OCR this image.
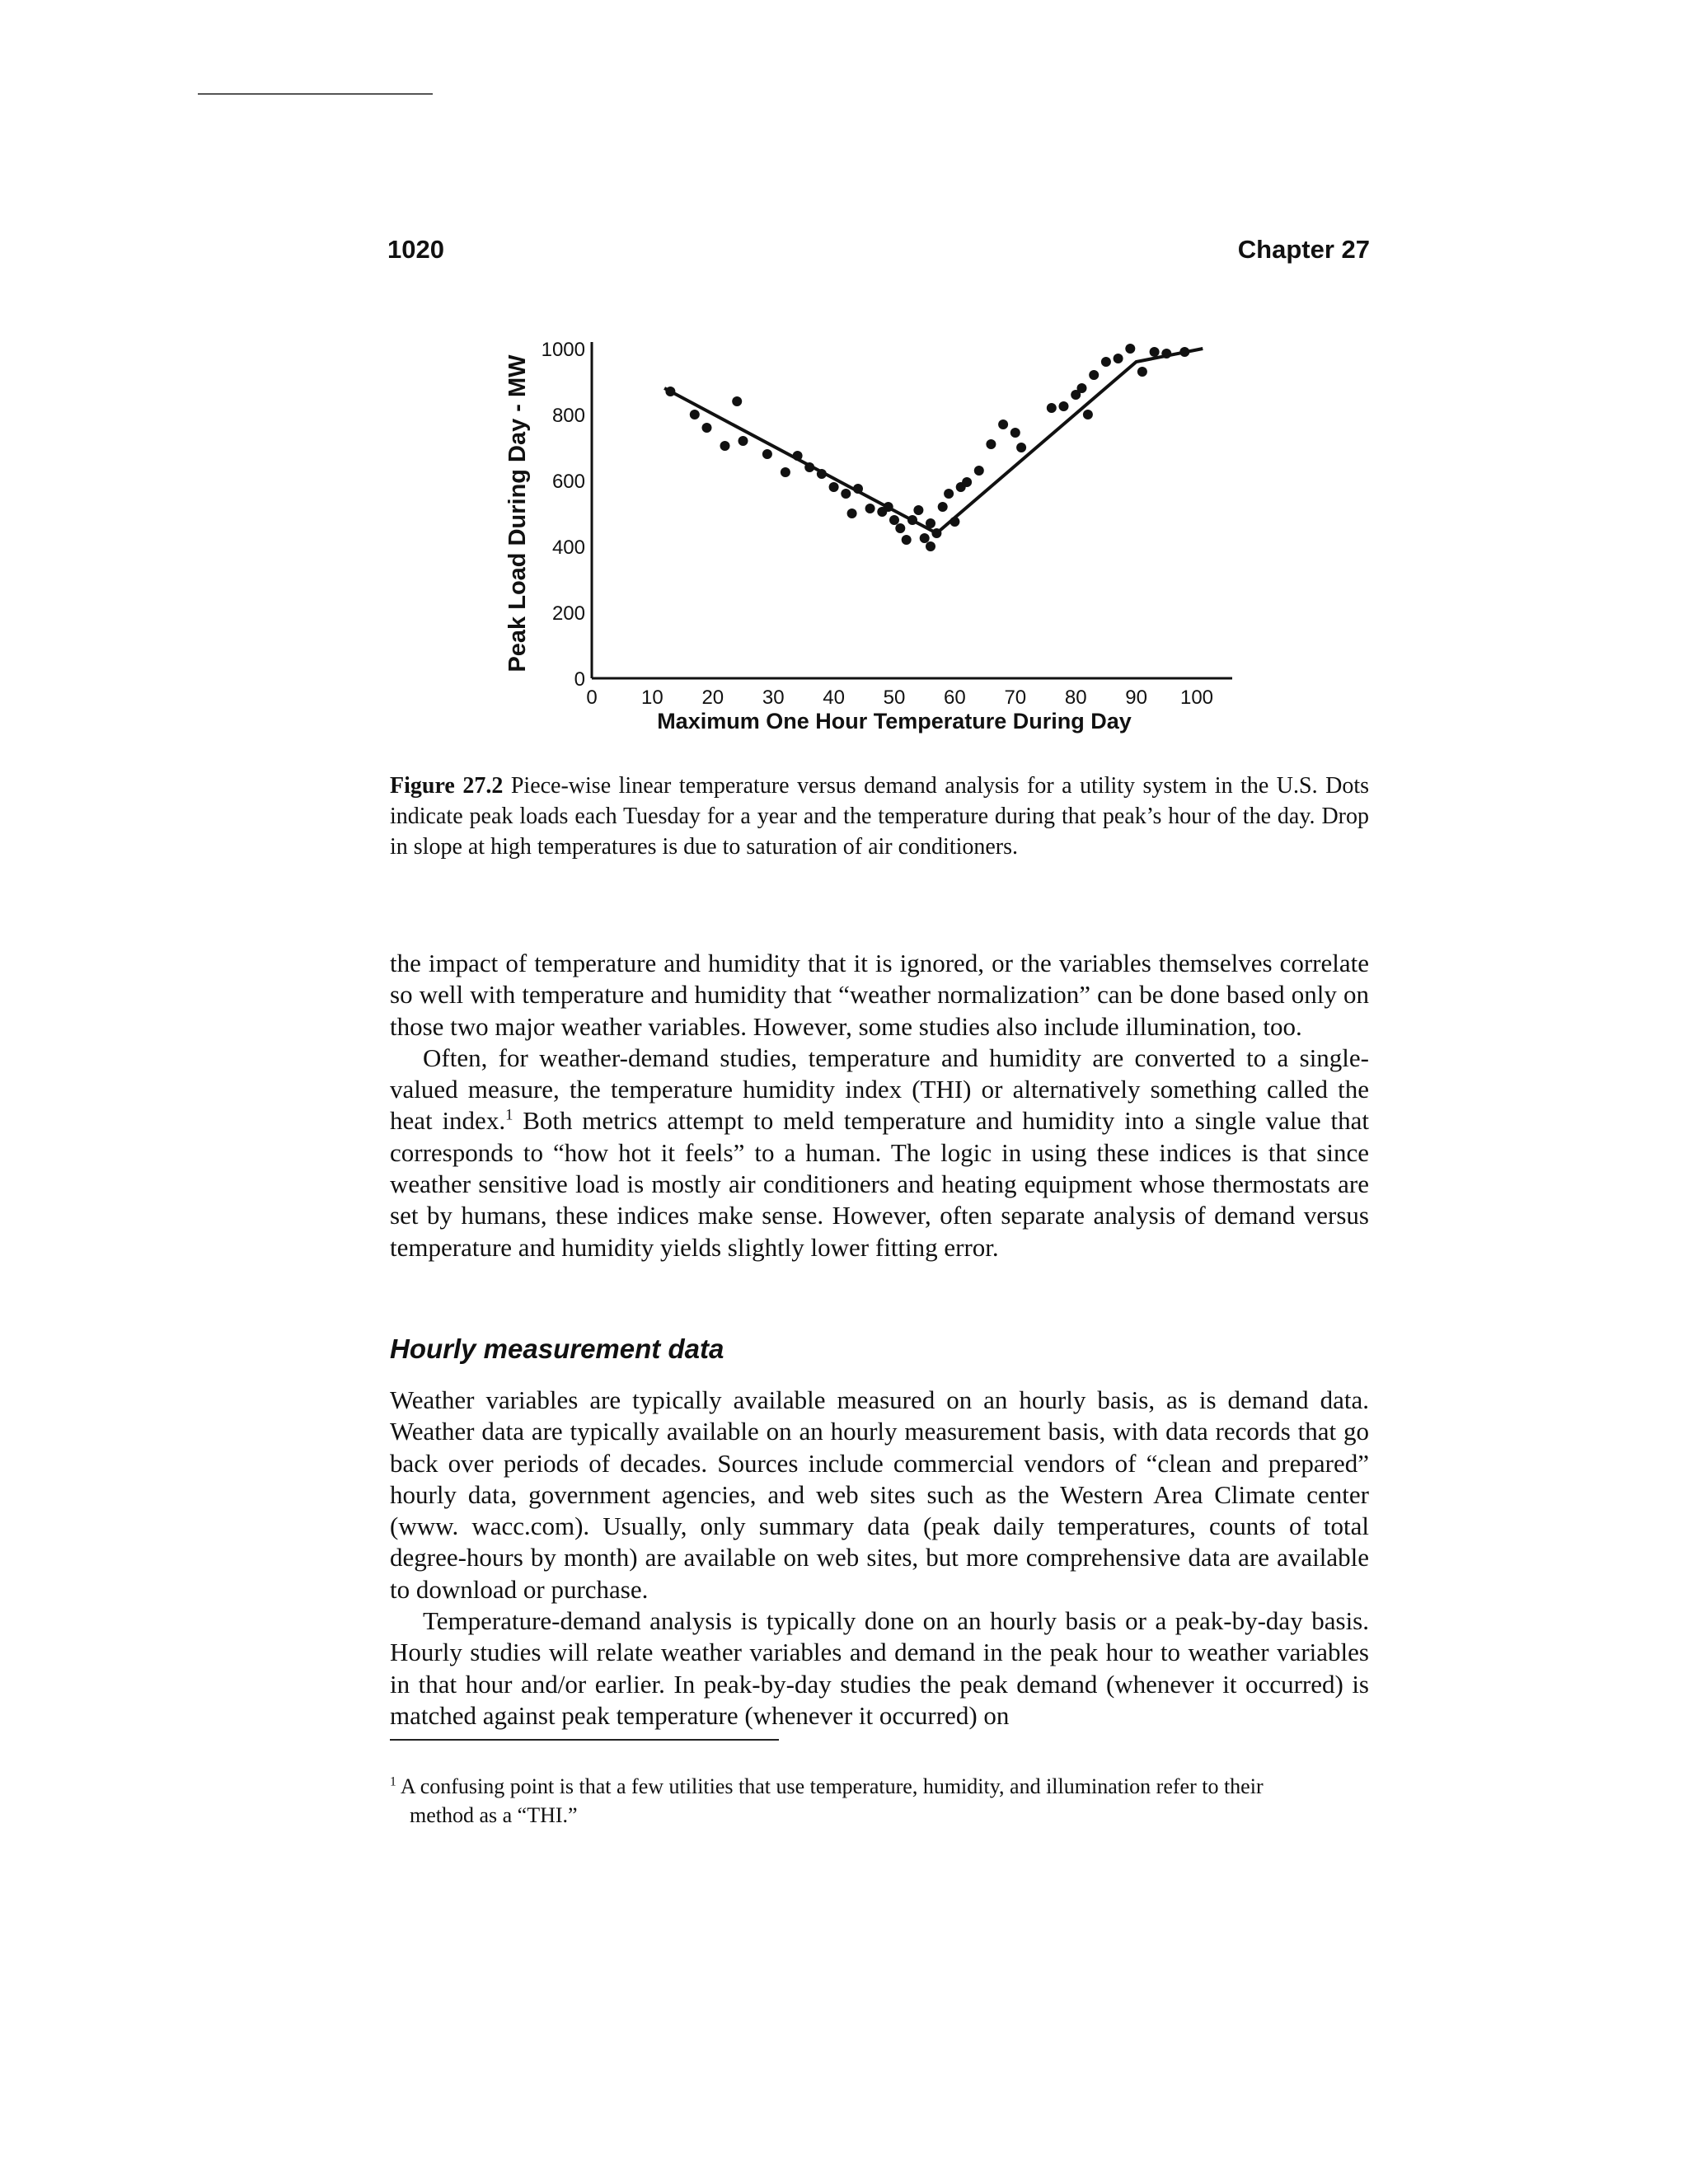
1020	Chapter 27
0
200
400
600
800
1000
0 10 20 30 40 50 60 70 80 90 100
Maximum One Hour Temperature During Day
Peak Load During Day - MW
Figure 27.2 Piece-wise linear temperature versus demand analysis for a utility system in the U.S. Dots indicate peak loads each Tuesday for a year and the temperature during that peak’s hour of the day. Drop in slope at high temperatures is due to saturation of air conditioners.

the impact of temperature and humidity that it is ignored, or the variables themselves correlate so well with temperature and humidity that “weather normalization” can be done based only on those two major weather variables. However, some studies also include illumination, too.

Often, for weather-demand studies, temperature and humidity are converted to a single-valued measure, the temperature humidity index (THI) or alternatively something called the heat index.$^1$ Both metrics attempt to meld temperature and humidity into a single value that corresponds to “how hot it feels” to a human. The logic in using these indices is that since weather sensitive load is mostly air conditioners and heating equipment whose thermostats are set by humans, these indices make sense. However, often separate analysis of demand versus temperature and humidity yields slightly lower fitting error.

Hourly measurement data

Weather variables are typically available measured on an hourly basis, as is demand data. Weather data are typically available on an hourly measurement basis, with data records that go back over periods of decades. Sources include commercial vendors of “clean and prepared” hourly data, government agencies, and web sites such as the Western Area Climate center (www. wacc.com). Usually, only summary data (peak daily temperatures, counts of total degree-hours by month) are available on web sites, but more comprehensive data are available to download or purchase.

Temperature-demand analysis is typically done on an hourly basis or a peak-by-day basis. Hourly studies will relate weather variables and demand in the peak hour to weather variables in that hour and/or earlier. In peak-by-day studies the peak demand (whenever it occurred) is matched against peak temperature (whenever it occurred) on

$^1$ A confusing point is that a few utilities that use temperature, humidity, and illumination refer to their
method as a “THI.”
